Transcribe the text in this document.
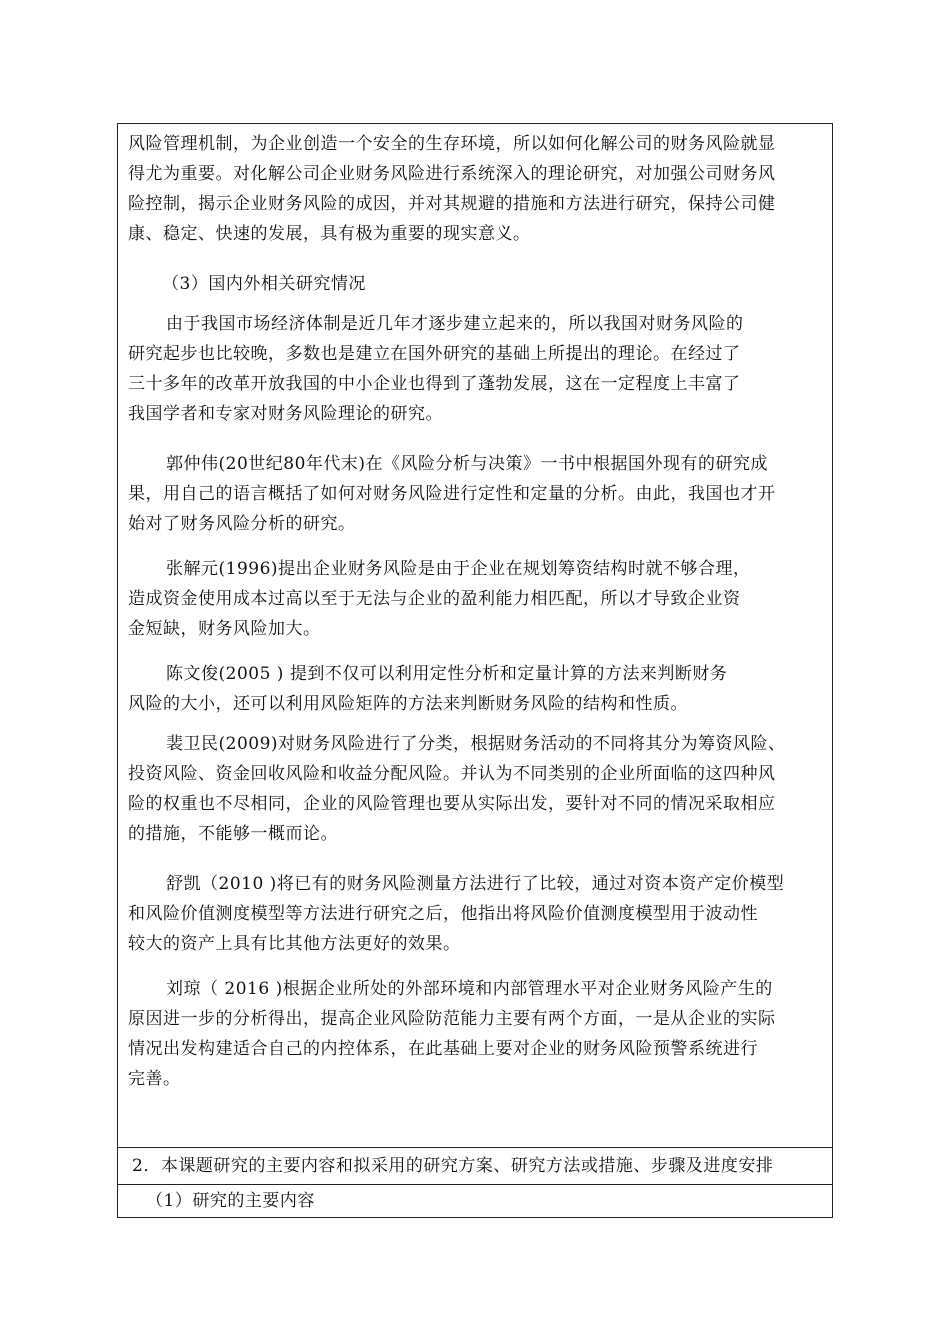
风险管理机制，为企业创造一个安全的生存环境，所以如何化解公司的财务风险就显
得尤为重要。对化解公司企业财务风险进行系统深入的理论研究，对加强公司财务风
险控制，揭示企业财务风险的成因，并对其规避的措施和方法进行研究，保持公司健
康、稳定、快速的发展，具有极为重要的现实意义。
（3）国内外相关研究情况
由于我国市场经济体制是近几年才逐步建立起来的，所以我国对财务风险的
研究起步也比较晚，多数也是建立在国外研究的基础上所提出的理论。在经过了
三十多年的改革开放我国的中小企业也得到了蓬勃发展，这在一定程度上丰富了
我国学者和专家对财务风险理论的研究。
郭仲伟(20世纪80年代末)在《风险分析与决策》一书中根据国外现有的研究成
果，用自己的语言概括了如何对财务风险进行定性和定量的分析。由此，我国也才开
始对了财务风险分析的研究。
张解元(1996)提出企业财务风险是由于企业在规划筹资结构时就不够合理，
造成资金使用成本过高以至于无法与企业的盈利能力相匹配，所以才导致企业资
金短缺，财务风险加大。
陈文俊(2005 ) 提到不仅可以利用定性分析和定量计算的方法来判断财务
风险的大小，还可以利用风险矩阵的方法来判断财务风险的结构和性质。
裴卫民(2009)对财务风险进行了分类，根据财务活动的不同将其分为筹资风险、
投资风险、资金回收风险和收益分配风险。并认为不同类别的企业所面临的这四种风
险的权重也不尽相同，企业的风险管理也要从实际出发，要针对不同的情况采取相应
的措施，不能够一概而论。
舒凯（2010 )将已有的财务风险测量方法进行了比较，通过对资本资产定价模型
和风险价值测度模型等方法进行研究之后，他指出将风险价值测度模型用于波动性
较大的资产上具有比其他方法更好的效果。
刘琼（ 2016 )根据企业所处的外部环境和内部管理水平对企业财务风险产生的
原因进一步的分析得出，提高企业风险防范能力主要有两个方面，一是从企业的实际
情况出发构建适合自己的内控体系，在此基础上要对企业的财务风险预警系统进行
完善。
2．本课题研究的主要内容和拟采用的研究方案、研究方法或措施、步骤及进度安排
（1）研究的主要内容
